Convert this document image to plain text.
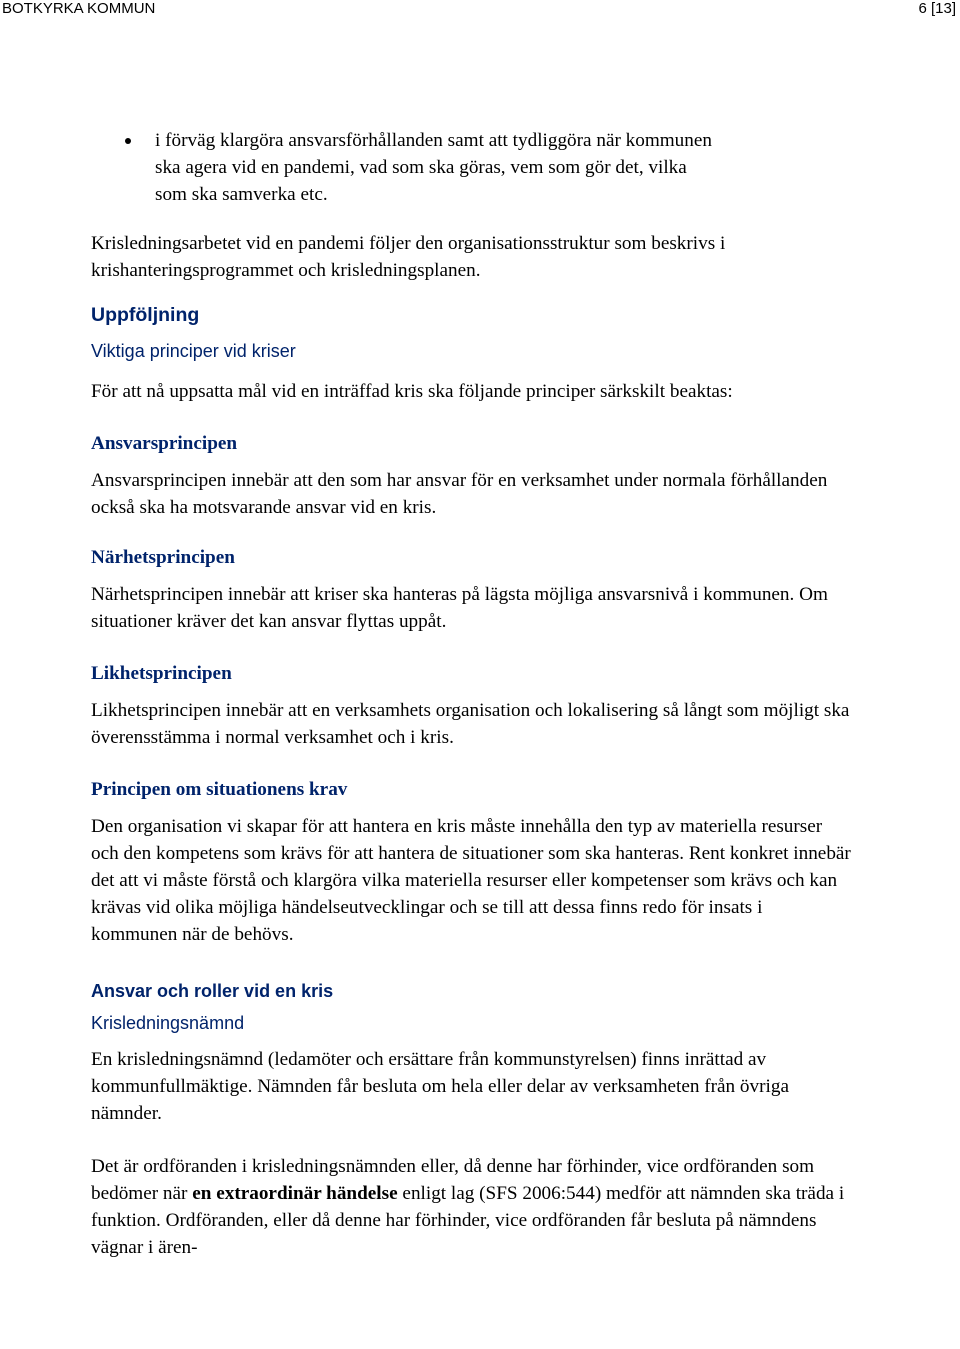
BOTKYRKA KOMMUN	6 [13]

i förväg klargöra ansvarsförhållanden samt att tydliggöra när kommunen ska agera vid en pandemi, vad som ska göras, vem som gör det, vilka som ska samverka etc.

Krisledningsarbetet vid en pandemi följer den organisationsstruktur som beskrivs i krishanteringsprogrammet och krisledningsplanen.

Uppföljning
Viktiga principer vid kriser

För att nå uppsatta mål vid en inträffad kris ska följande principer särkskilt beaktas:

Ansvarsprincipen

Ansvarsprincipen innebär att den som har ansvar för en verksamhet under normala förhållanden också ska ha motsvarande ansvar vid en kris.

Närhetsprincipen

Närhetsprincipen innebär att kriser ska hanteras på lägsta möjliga ansvarsnivå i kommunen. Om situationer kräver det kan ansvar flyttas uppåt.

Likhetsprincipen

Likhetsprincipen innebär att en verksamhets organisation och lokalisering så långt som möjligt ska överensstämma i normal verksamhet och i kris.

Principen om situationens krav

Den organisation vi skapar för att hantera en kris måste innehålla den typ av materiella resurser och den kompetens som krävs för att hantera de situationer som ska hanteras. Rent konkret innebär det att vi måste förstå och klargöra vilka materiella resurser eller kompetenser som krävs och kan krävas vid olika möjliga händelseutvecklingar och se till att dessa finns redo för insats i kommunen när de behövs.

Ansvar och roller vid en kris
Krisledningsnämnd

En krisledningsnämnd (ledamöter och ersättare från kommunstyrelsen) finns inrättad av kommunfullmäktige. Nämnden får besluta om hela eller delar av verksamheten från övriga nämnder.

Det är ordföranden i krisledningsnämnden eller, då denne har förhinder, vice ordföranden som bedömer när en extraordinär händelse enligt lag (SFS 2006:544) medför att nämnden ska träda i funktion. Ordföranden, eller då denne har förhinder, vice ordföranden får besluta på nämndens vägnar i ären-
